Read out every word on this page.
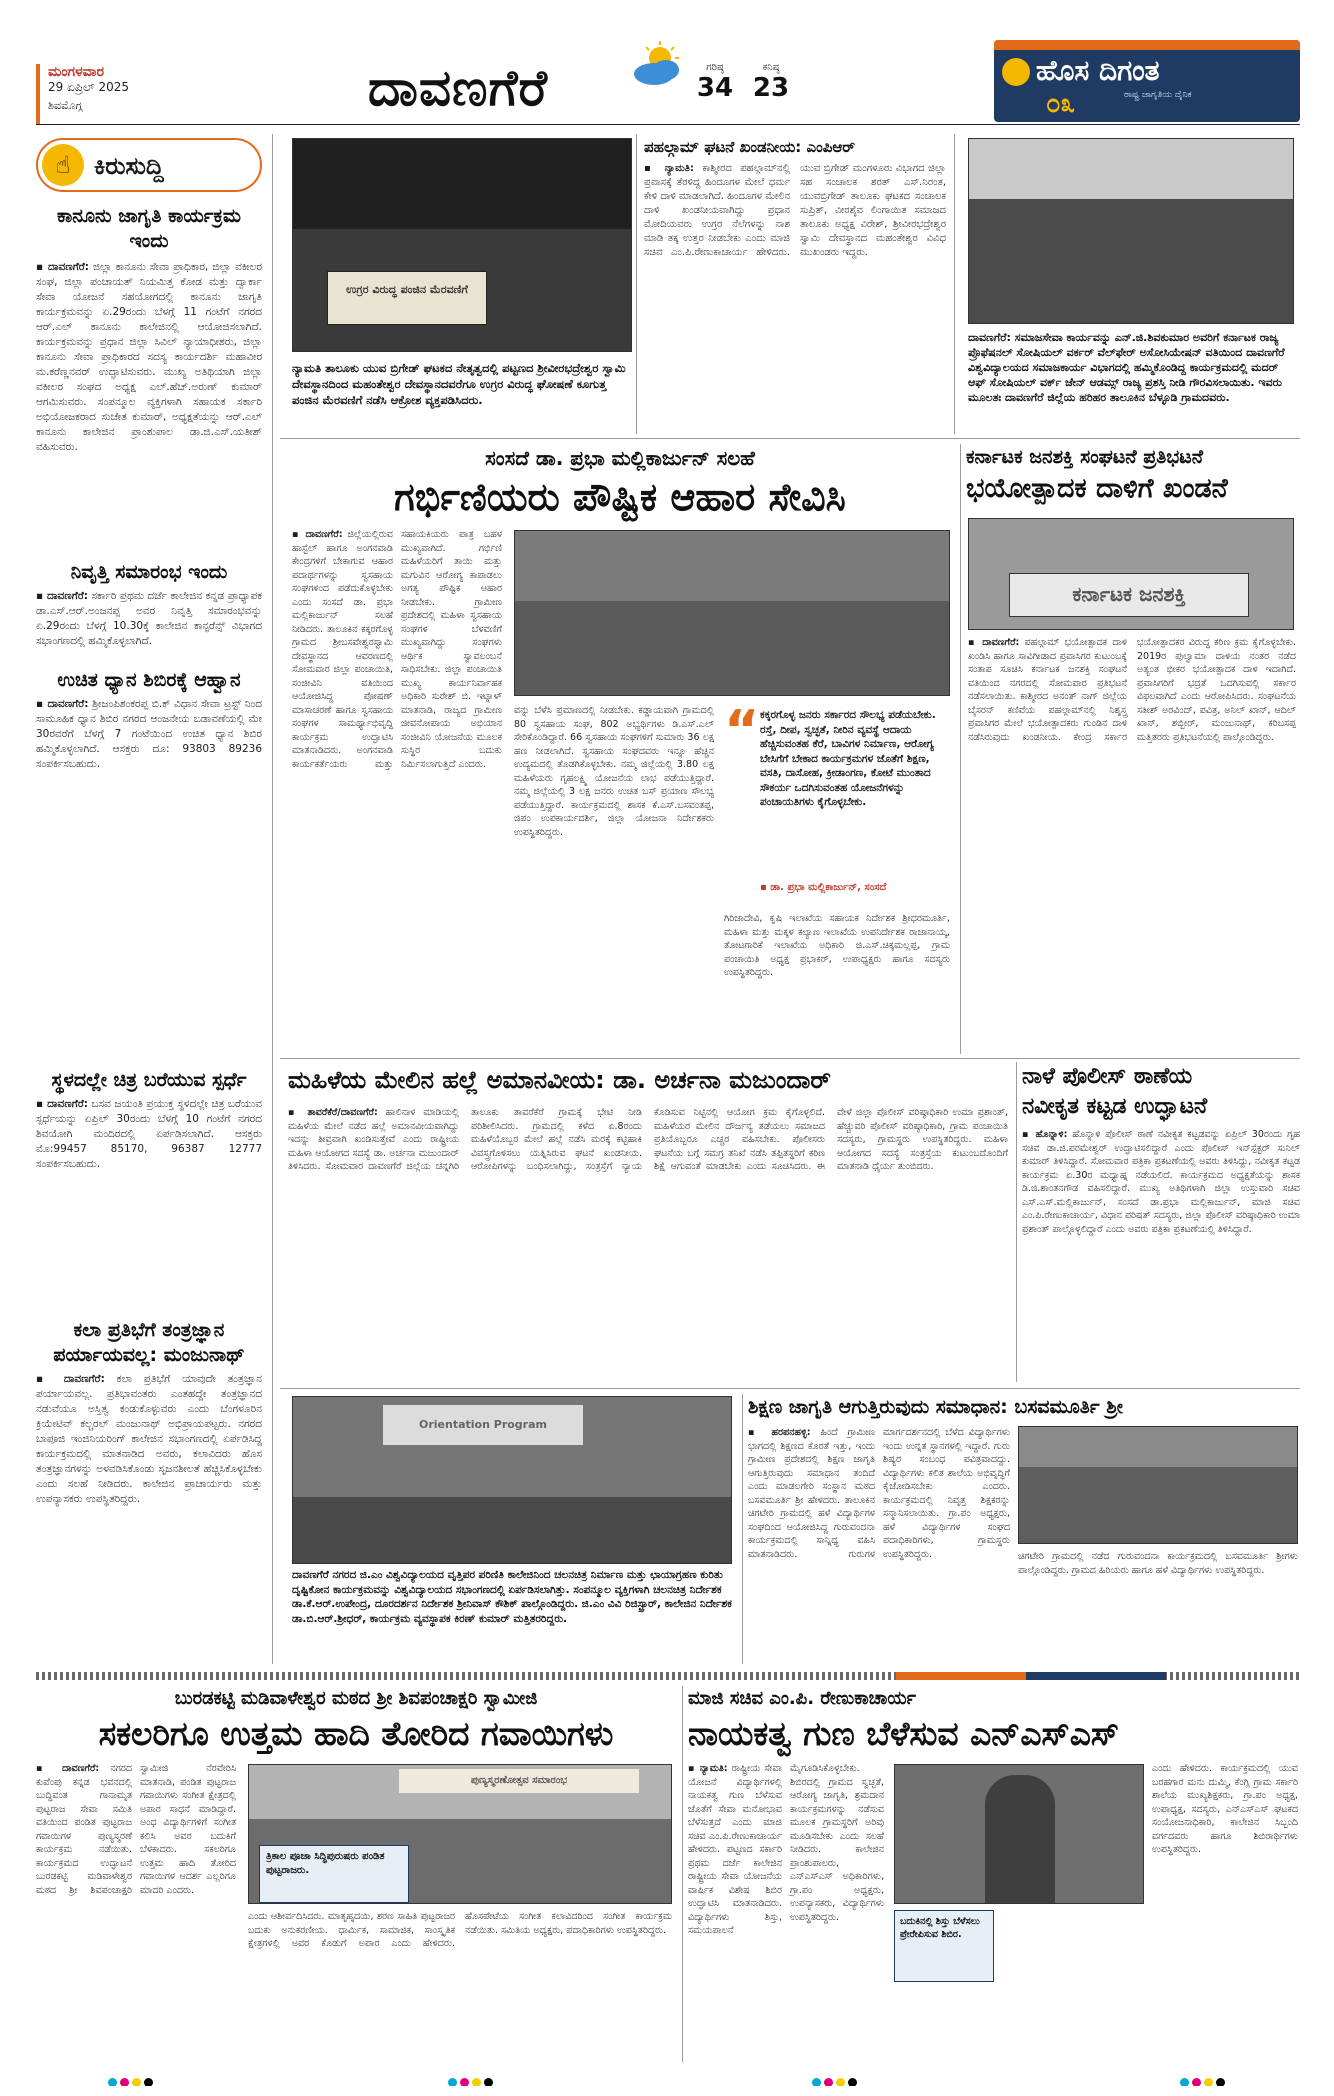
ಮಂಗಳವಾರ
29 ಏಪ್ರಿಲ್ 2025
ಶಿವಮೊಗ್ಗ	ದಾವಣಗೆರೆ	ಗರಿಷ್ಠ
34
ಕನಿಷ್ಠ
23
ಹೊಸ ದಿಗಂತ
ರಾಷ್ಟ್ರ ಜಾಗೃತಿಯ ದೈನಿಕ
೦೩
☝ ಕಿರುಸುದ್ದಿ
ಕಾನೂನು ಜಾಗೃತಿ ಕಾರ್ಯಕ್ರಮ ಇಂದು
▪ ದಾವಣಗೆರೆ: ಜಿಲ್ಲಾ ಕಾನೂನು ಸೇವಾ ಪ್ರಾಧಿಕಾರ, ಜಿಲ್ಲಾ ವಕೀಲರ ಸಂಘ, ಜಿಲ್ಲಾ ಪಂಚಾಯತ್ ನಿಯಮಿತ್ತ ಕೋಡ ಮತ್ತು ದ್ವಾರ್ಕಾ ಸೇವಾ ಯೋಜನೆ ಸಹಯೋಗದಲ್ಲಿ ಕಾನೂನು ಜಾಗೃತಿ ಕಾರ್ಯಕ್ರಮವನ್ನು ಏ.29ರಂದು ಬೆಳಗ್ಗೆ 11 ಗಂಟೆಗೆ ನಗರದ ಆರ್.ಎಲ್ ಕಾನೂನು ಕಾಲೇಜಿನಲ್ಲಿ ಆಯೋಜಿಸಲಾಗಿದೆ. ಕಾರ್ಯಕ್ರಮವನ್ನು ಪ್ರಧಾನ ಜಿಲ್ಲಾ ಸಿವಿಲ್ ನ್ಯಾಯಾಧೀಶರು, ಜಿಲ್ಲಾ ಕಾನೂನು ಸೇವಾ ಪ್ರಾಧಿಕಾರದ ಸದಸ್ಯ ಕಾರ್ಯದರ್ಶಿ ಮಹಾವೀರ ಮ.ಕರೆಣ್ಣನವರ್ ಉದ್ಘಾಟಿಸುವರು. ಮುಖ್ಯ ಅತಿಥಿಯಾಗಿ ಜಿಲ್ಲಾ ವಕೀಲರ ಸಂಘದ ಅಧ್ಯಕ್ಷ ಎಲ್.ಹೆಚ್.ಅರುಣ್ ಕುಮಾರ್ ಆಗಮಿಸುವರು. ಸಂಪನ್ಮೂಲ ವ್ಯಕ್ತಿಗಳಾಗಿ ಸಹಾಯಕ ಸರ್ಕಾರಿ ಅಭಿಯೋಜಕರಾದ ಸುಚೇತ ಕುಮಾರ್, ಅಧ್ಯಕ್ಷತೆಯನ್ನು ಆರ್.ಎಲ್ ಕಾನೂನು ಕಾಲೇಜಿನ ಪ್ರಾಂಶುಪಾಲ ಡಾ.ಜಿ.ಎಸ್.ಯತೀಶ್ ವಹಿಸುವರು.
ನಿವೃತ್ತಿ ಸಮಾರಂಭ ಇಂದು
▪ ದಾವಣಗೆರೆ: ಸರ್ಕಾರಿ ಪ್ರಥಮ ದರ್ಜೆ ಕಾಲೇಜಿನ ಕನ್ನಡ ಪ್ರಾಧ್ಯಾಪಕ ಡಾ.ಎಸ್.ಆರ್.ಅಂಜನಪ್ಪ ಅವರ ನಿವೃತ್ತಿ ಸಮಾರಂಭವನ್ನು ಏ.29ರಂದು ಬೆಳಗ್ಗೆ 10.30ಕ್ಕೆ ಕಾಲೇಜಿನ ಕಾನ್ಫರೆನ್ಸ್ ವಿಭಾಗದ ಸಭಾಂಗಣದಲ್ಲಿ ಹಮ್ಮಿಕೊಳ್ಳಲಾಗಿದೆ.
ಉಚಿತ ಧ್ಯಾನ ಶಿಬಿರಕ್ಕೆ ಆಹ್ವಾನ
▪ ದಾವಣಗೆರೆ: ಶ್ರೀಜಂಪಿಶಂಕರಪ್ಪ ಬಿ.ಕ್ ವಿಧಾನ ಸೇವಾ ಟ್ರಸ್ಟ್ ನಿಂದ ಸಾಮೂಹಿಕ ಧ್ಯಾನ ಶಿಬಿರ ನಗರದ ಆಂಜನೇಯ ಬಡಾವಣೆಯಲ್ಲಿ ಮೇ 30ರವರೆಗೆ ಬೆಳಗ್ಗೆ 7 ಗಂಟೆಯಿಂದ ಉಚಿತ ಧ್ಯಾನ ಶಿಬಿರ ಹಮ್ಮಿಕೊಳ್ಳಲಾಗಿದೆ. ಆಸಕ್ತರು ದೂ: 93803 89236 ಸಂಪರ್ಕಿಸಬಹುದು.
ಸ್ಥಳದಲ್ಲೇ ಚಿತ್ರ ಬರೆಯುವ ಸ್ಪರ್ಧೆ
▪ ದಾವಣಗೆರೆ: ಬಸವ ಜಯಂತಿ ಪ್ರಯುಕ್ತ ಸ್ಥಳದಲ್ಲೇ ಚಿತ್ರ ಬರೆಯುವ ಸ್ಪರ್ಧೆಯನ್ನು ಏಪ್ರಿಲ್ 30ರಂದು ಬೆಳಗ್ಗೆ 10 ಗಂಟೆಗೆ ನಗರದ ಶಿವಯೋಗಿ ಮಂದಿರದಲ್ಲಿ ಏರ್ಪಡಿಸಲಾಗಿದೆ. ಆಸಕ್ತರು ಮೊ:99457 85170, 96387 12777 ಸಂಪರ್ಕಿಸಬಹುದು.
ಕಲಾ ಪ್ರತಿಭೆಗೆ ತಂತ್ರಜ್ಞಾನ ಪರ್ಯಾಯವಲ್ಲ: ಮಂಜುನಾಥ್
▪ ದಾವಣಗೆರೆ: ಕಲಾ ಪ್ರತಿಭೆಗೆ ಯಾವುದೇ ತಂತ್ರಜ್ಞಾನ ಪರ್ಯಾಯವಲ್ಲ. ಪ್ರತಿಭಾವಂತರು ಎಂತಹದ್ದೇ ತಂತ್ರಜ್ಞಾನದ ನಡುವೆಯೂ ಅಸ್ತಿತ್ವ ಕಂಡುಕೊಳ್ಳುವರು ಎಂದು ಬೆಂಗಳೂರಿನ ಕ್ರಿಯೇಟಿವ್ ಕಲ್ಚರಲ್ ಮಂಜುನಾಥ್ ಅಭಿಪ್ರಾಯಪಟ್ಟರು. ನಗರದ ಬಾಪೂಜಿ ಇಂಜಿನಿಯರಿಂಗ್ ಕಾಲೇಜಿನ ಸಭಾಂಗಣದಲ್ಲಿ ಏರ್ಪಡಿಸಿದ್ದ ಕಾರ್ಯಕ್ರಮದಲ್ಲಿ ಮಾತನಾಡಿದ ಅವರು, ಕಲಾವಿದರು ಹೊಸ ತಂತ್ರಜ್ಞಾನಗಳನ್ನು ಅಳವಡಿಸಿಕೊಂಡು ಸೃಜನಶೀಲತೆ ಹೆಚ್ಚಿಸಿಕೊಳ್ಳಬೇಕು ಎಂದು ಸಲಹೆ ನೀಡಿದರು. ಕಾಲೇಜಿನ ಪ್ರಾಚಾರ್ಯರು ಮತ್ತು ಉಪನ್ಯಾಸಕರು ಉಪಸ್ಥಿತರಿದ್ದರು.
ಉಗ್ರರ ವಿರುದ್ಧ ಪಂಜಿನ ಮೆರವಣಿಗೆ
ನ್ಯಾಮತಿ ತಾಲೂಕು ಯುವ ಬ್ರಿಗೇಡ್ ಘಟಕದ ನೇತೃತ್ವದಲ್ಲಿ ಪಟ್ಟಣದ ಶ್ರೀವೀರಭದ್ರೇಶ್ವರ ಸ್ವಾಮಿ ದೇವಸ್ಥಾನದಿಂದ ಮಹಂತೇಶ್ವರ ದೇವಸ್ಥಾನದವರೆಗೂ ಉಗ್ರರ ವಿರುದ್ಧ ಘೋಷಣೆ ಕೂಗುತ್ತ ಪಂಜಿನ ಮೆರವಣಿಗೆ ನಡೆಸಿ ಆಕ್ರೋಶ ವ್ಯಕ್ತಪಡಿಸಿದರು.
ಪಹಲ್ಗಾಮ್ ಘಟನೆ ಖಂಡನೀಯ: ಎಂಪಿಆರ್
▪ ನ್ಯಾಮತಿ: ಕಾಶ್ಮೀರದ ಪಹಲ್ಗಾಮ್‌ನಲ್ಲಿ ಪ್ರವಾಸಕ್ಕೆ ತೆರಳಿದ್ದ ಹಿಂದೂಗಳ ಮೇಲೆ ಧರ್ಮ ಕೇಳಿ ದಾಳಿ ಮಾಡಲಾಗಿದೆ. ಹಿಂದೂಗಳ ಮೇಲಿನ ದಾಳಿ ಖಂಡನೀಯವಾಗಿದ್ದು ಪ್ರಧಾನ ಮೋದಿಯವರು ಉಗ್ರರ ನೆಲೆಗಳನ್ನು ನಾಶ ಮಾಡಿ ತಕ್ಕ ಉತ್ತರ ನೀಡಬೇಕು ಎಂದು ಮಾಜಿ ಸಚಿವ ಎಂ.ಪಿ.ರೇಣುಕಾಚಾರ್ಯ ಹೇಳಿದರು. ಯುವ ಬ್ರಿಗೇಡ್ ಮಂಗಳೂರು ವಿಭಾಗದ ಜಿಲ್ಲಾ ಸಹ ಸಂಚಾಲಕ ಶರತ್ ಎಸ್.ನಿರಂತ, ಯುವಬ್ರಿಗೇಡ್ ತಾಲೂಕು ಘಟಕದ ಸಂಚಾಲಕ ಸುಪ್ರಿತ್, ವೀರಶೈವ ಲಿಂಗಾಯಿತ ಸಮಾಜದ ತಾಲೂಕು ಅಧ್ಯಕ್ಷ ವಿರೇಶ್, ಶ್ರೀವೀರಭದ್ರೇಶ್ವರ ಸ್ವಾಮಿ ದೇವಸ್ಥಾನದ ಮಹಂತೇಶ್ವರ ವಿವಿಧ ಮುಖಂಡರು ಇದ್ದರು.
ದಾವಣಗೆರೆ: ಸಮಾಜಸೇವಾ ಕಾರ್ಯವನ್ನು ಎನ್.ಜಿ.ಶಿವಕುಮಾರ ಅವರಿಗೆ ಕರ್ನಾಟಕ ರಾಜ್ಯ ಪ್ರೊಫೆಷನಲ್ ಸೋಷಿಯಲ್ ವರ್ಕರ್ ವೆಲ್‌ಫೇರ್ ಅಸೋಸಿಯೇಷನ್ ವತಿಯಿಂದ ದಾವಣಗೆರೆ ವಿಶ್ವವಿದ್ಯಾಲಯದ ಸಮಾಜಕಾರ್ಯ ವಿಭಾಗದಲ್ಲಿ ಹಮ್ಮಿಕೊಂಡಿದ್ದ ಕಾರ್ಯಕ್ರಮದಲ್ಲಿ ಮದರ್ ಆಫ್ ಸೋಷಿಯಲ್ ವರ್ಕ್ ಜೇನ್ ಆಡಮ್ಸ್ ರಾಜ್ಯ ಪ್ರಶಸ್ತಿ ನೀಡಿ ಗೌರವಿಸಲಾಯಿತು. ಇವರು ಮೂಲತಃ ದಾವಣಗೆರೆ ಜಿಲ್ಲೆಯ ಹರಿಹರ ತಾಲೂಕಿನ ಬೆಳ್ಳೂಡಿ ಗ್ರಾಮದವರು.
ಸಂಸದೆ ಡಾ. ಪ್ರಭಾ ಮಲ್ಲಿಕಾರ್ಜುನ್ ಸಲಹೆ
ಗರ್ಭಿಣಿಯರು ಪೌಷ್ಟಿಕ ಆಹಾರ ಸೇವಿಸಿ
▪ ದಾವಣಗೆರೆ: ಜಿಲ್ಲೆಯಲ್ಲಿರುವ ಹಾಸ್ಟೆಲ್ ಹಾಗೂ ಅಂಗನವಾಡಿ ಕೇಂದ್ರಗಳಿಗೆ ಬೇಕಾಗುವ ಆಹಾರ ಪದಾರ್ಥಗಳನ್ನು ಸ್ವಸಹಾಯ ಸಂಘಗಳಿಂದ ಪಡೆದುಕೊಳ್ಳಬೇಕು ಎಂದು ಸಂಸದೆ ಡಾ. ಪ್ರಭಾ ಮಲ್ಲಿಕಾರ್ಜುನ್ ಸಲಹೆ ನೀಡಿದರು. ತಾಲೂಕಿನ ಕಕ್ಕರಗೊಳ್ಳ ಗ್ರಾಮದ ಶ್ರೀಬಸವೇಶ್ವರಸ್ವಾಮಿ ದೇವಸ್ಥಾನದ ಆವರಣದಲ್ಲಿ ಸೋಮವಾರ ಜಿಲ್ಲಾ ಪಂಚಾಯಿತಿ, ಸಂಜೀವಿನಿ ವತಿಯಿಂದ ಆಯೋಜಿಸಿದ್ದ ಪೋಷಣ್ ಮಾಸಾಚರಣೆ ಹಾಗೂ ಸ್ವಸಹಾಯ ಸಂಘಗಳ ಸಾಮರ್ಥ್ಯಾಭಿವೃದ್ಧಿ ಕಾರ್ಯಕ್ರಮ ಉದ್ಘಾಟಿಸಿ ಮಾತನಾಡಿದರು. ಅಂಗನವಾಡಿ ಕಾರ್ಯಕರ್ತೆಯರು ಮತ್ತು ಸಹಾಯಕಿಯರು ಪಾತ್ರ ಬಹಳ ಮುಖ್ಯವಾಗಿದೆ. ಗರ್ಭಿಣಿ ಮಹಿಳೆಯರಿಗೆ ತಾಯಿ ಮತ್ತು ಮಗುವಿನ ಆರೋಗ್ಯ ಕಾಪಾಡಲು ಅಗತ್ಯ ಪೌಷ್ಟಿಕ ಆಹಾರ ನೀಡಬೇಕು. ಗ್ರಾಮೀಣ ಪ್ರದೇಶದಲ್ಲಿ ಮಹಿಳಾ ಸ್ವಸಹಾಯ ಸಂಘಗಳ ಬೆಳವಣಿಗೆ ಮುಖ್ಯವಾಗಿದ್ದು ಸಂಘಗಳು ಆರ್ಥಿಕ ಸ್ವಾವಲಂಬನೆ ಸಾಧಿಸಬೇಕು. ಜಿಲ್ಲಾ ಪಂಚಾಯಿತಿ ಮುಖ್ಯ ಕಾರ್ಯನಿರ್ವಾಹಕ ಅಧಿಕಾರಿ ಸುರೇಶ್ ಬಿ. ಇಟ್ನಾಳ್ ಮಾತನಾಡಿ, ರಾಜ್ಯದ ಗ್ರಾಮೀಣ ಜೀವನೋಪಾಯ ಅಭಿಯಾನ ಸಂಜೀವಿನಿ ಯೋಜನೆಯ ಮೂಲಕ ಸುಸ್ಥಿರ ಬದುಕು ನಿರ್ಮಿಸಲಾಗುತ್ತಿದೆ ಎಂದರು.
ವನ್ನು ಬೆಳೆಸಿ ಪ್ರಮಾಣದಲ್ಲಿ ನೀಡಬೇಕು. ಕಡ್ಡಾಯವಾಗಿ ಗ್ರಾಮದಲ್ಲಿ 80 ಸ್ವಸಹಾಯ ಸಂಘ, 802 ಅಭ್ಯರ್ಥಿಗಳು ಡಿ.ಎಸ್.ಎಲ್ ಸೇರಿಕೊಂಡಿದ್ದಾರೆ. 66 ಸ್ವಸಹಾಯ ಸಂಘಗಳಿಗೆ ಸುಮಾರು 36 ಲಕ್ಷ ಹಣ ನೀಡಲಾಗಿದೆ. ಸ್ವಸಹಾಯ ಸಂಘದವರು ಇನ್ನೂ ಹೆಚ್ಚಿನ ಉದ್ಯಮದಲ್ಲಿ ತೊಡಗಿಕೊಳ್ಳಬೇಕು. ನಮ್ಮ ಜಿಲ್ಲೆಯಲ್ಲಿ 3.80 ಲಕ್ಷ ಮಹಿಳೆಯರು ಗೃಹಲಕ್ಷ್ಮಿ ಯೋಜನೆಯ ಲಾಭ ಪಡೆಯುತ್ತಿದ್ದಾರೆ. ನಮ್ಮ ಜಿಲ್ಲೆಯಲ್ಲಿ 3 ಲಕ್ಷ ಜನರು ಉಚಿತ ಬಸ್ ಪ್ರಯಾಣ ಸೌಲಭ್ಯ ಪಡೆಯುತ್ತಿದ್ದಾರೆ. ಕಾರ್ಯಕ್ರಮದಲ್ಲಿ ಶಾಸಕ ಕೆ.ಎಸ್.ಬಸವಂತಪ್ಪ, ಜಿಪಂ ಉಪಕಾರ್ಯದರ್ಶಿ, ಜಿಲ್ಲಾ ಯೋಜನಾ ನಿರ್ದೇಶಕರು ಉಪಸ್ಥಿತರಿದ್ದರು.
“ ಕಕ್ಕರಗೊಳ್ಳ ಜನರು ಸರ್ಕಾರದ ಸೌಲಭ್ಯ ಪಡೆಯಬೇಕು. ರಸ್ತೆ, ದೀಪ, ಸ್ವಚ್ಛತೆ, ನೀರಿನ ವ್ಯವಸ್ಥೆ ಆದಾಯ ಹೆಚ್ಚಿಸುವಂತಹ ಕೆರೆ, ಬಾವಿಗಳ ನಿರ್ಮಾಣ, ಆರೋಗ್ಯ ಬೇಸಿಗೆಗೆ ಬೇಕಾದ ಕಾರ್ಯಕ್ರಮಗಳ ಜೊತೆಗೆ ಶಿಕ್ಷಣ, ವಸತಿ, ದಾಸೋಹ, ಕ್ರೀಡಾಂಗಣ, ಕೋಟೆ ಮುಂತಾದ ಸೌಕರ್ಯ ಒದಗಿಸುವಂತಹ ಯೋಜನೆಗಳನ್ನು ಪಂಚಾಯತಿಗಳು ಕೈಗೊಳ್ಳಬೇಕು.
▪ ಡಾ. ಪ್ರಭಾ ಮಲ್ಲಿಕಾರ್ಜುನ್, ಸಂಸದೆ
ಗಿರಿಜಾದೇವಿ, ಕೃಷಿ ಇಲಾಖೆಯ ಸಹಾಯಕ ನಿರ್ದೇಶಕ ಶ್ರೀಧರಮೂರ್ತಿ, ಮಹಿಳಾ ಮತ್ತು ಮಕ್ಕಳ ಕಲ್ಯಾಣ ಇಲಾಖೆಯ ಉಪನಿರ್ದೇಶಕ ರಾಜಾನಾಯ್ಕ, ತೋಟಗಾರಿಕೆ ಇಲಾಖೆಯ ಅಧಿಕಾರಿ ಜಿ.ಎಸ್.ಚಿಕ್ಕಮಲ್ಲಪ್ಪ, ಗ್ರಾಮ ಪಂಚಾಯಿತಿ ಅಧ್ಯಕ್ಷ ಪ್ರಭಾಕರ್, ಉಪಾಧ್ಯಕ್ಷರು ಹಾಗೂ ಸದಸ್ಯರು ಉಪಸ್ಥಿತರಿದ್ದರು.
ಕರ್ನಾಟಕ ಜನಶಕ್ತಿ ಸಂಘಟನೆ ಪ್ರತಿಭಟನೆ
ಭಯೋತ್ಪಾದಕ ದಾಳಿಗೆ ಖಂಡನೆ
ಕರ್ನಾಟಕ ಜನಶಕ್ತಿ
▪ ದಾವಣಗೆರೆ: ಪಹಲ್ಗಾಮ್ ಭಯೋತ್ಪಾದಕ ದಾಳಿ ಖಂಡಿಸಿ ಹಾಗೂ ಸಾವಿಗೀಡಾದ ಪ್ರವಾಸಿಗರ ಕುಟುಂಬಕ್ಕೆ ಸಂತಾಪ ಸೂಚಿಸಿ ಕರ್ನಾಟಕ ಜನಶಕ್ತಿ ಸಂಘಟನೆ ವತಿಯಿಂದ ನಗರದಲ್ಲಿ ಸೋಮವಾರ ಪ್ರತಿಭಟನೆ ನಡೆಸಲಾಯಿತು. ಕಾಶ್ಮೀರದ ಅನಂತ್ ನಾಗ್ ಜಿಲ್ಲೆಯ ಬೈಸರನ್ ಕಣಿವೆಯ ಪಹಲ್ಗಾಮ್‌ನಲ್ಲಿ ನಿಶ್ಶಸ್ತ್ರ ಪ್ರವಾಸಿಗರ ಮೇಲೆ ಭಯೋತ್ಪಾದಕರು ಗುಂಡಿನ ದಾಳಿ ನಡೆಸಿರುವುದು ಖಂಡನೀಯ. ಕೇಂದ್ರ ಸರ್ಕಾರ ಭಯೋತ್ಪಾದಕರ ವಿರುದ್ಧ ಕಠಿಣ ಕ್ರಮ ಕೈಗೊಳ್ಳಬೇಕು. 2019ರ ಪುಲ್ವಾಮಾ ದಾಳಿಯ ನಂತರ ನಡೆದ ಅತ್ಯಂತ ಭೀಕರ ಭಯೋತ್ಪಾದಕ ದಾಳಿ ಇದಾಗಿದೆ. ಪ್ರವಾಸಿಗರಿಗೆ ಭದ್ರತೆ ಒದಗಿಸುವಲ್ಲಿ ಸರ್ಕಾರ ವಿಫಲವಾಗಿದೆ ಎಂದು ಆರೋಪಿಸಿದರು. ಸಂಘಟನೆಯ ಸತೀಶ್ ಅರವಿಂದ್, ಪವಿತ್ರ, ಅನಿಲ್ ಖಾನ್, ಆದಿಲ್ ಖಾನ್, ಶಬ್ಬೀರ್, ಮಂಜುನಾಥ್, ಕರಿಬಸಪ್ಪ ಮತ್ತಿತರರು ಪ್ರತಿಭಟನೆಯಲ್ಲಿ ಪಾಲ್ಗೊಂಡಿದ್ದರು.
ಮಹಿಳೆಯ ಮೇಲಿನ ಹಲ್ಲೆ ಅಮಾನವೀಯ: ಡಾ. ಅರ್ಚನಾ ಮಜುಂದಾರ್
▪ ತಾವರೆಕೆರೆ/ದಾವಣಗೆರೆ: ಹಾಲಿನಾಳ ಮಾಡಿಯಲ್ಲಿ ಮಹಿಳೆಯ ಮೇಲೆ ನಡೆದ ಹಲ್ಲೆ ಅಮಾನವೀಯವಾಗಿದ್ದು ಇದನ್ನು ತೀವ್ರವಾಗಿ ಖಂಡಿಸುತ್ತೇವೆ ಎಂದು ರಾಷ್ಟ್ರೀಯ ಮಹಿಳಾ ಆಯೋಗದ ಸದಸ್ಯೆ ಡಾ. ಅರ್ಚನಾ ಮಜುಂದಾರ್ ತಿಳಿಸಿದರು. ಸೋಮವಾರ ದಾವಣಗೆರೆ ಜಿಲ್ಲೆಯ ಚನ್ನಗಿರಿ ತಾಲೂಕು ತಾವರೆಕೆರೆ ಗ್ರಾಮಕ್ಕೆ ಭೇಟಿ ನೀಡಿ ಪರಿಶೀಲಿಸಿದರು. ಗ್ರಾಮದಲ್ಲಿ ಕಳೆದ ಏ.8ರಂದು ಮಹಿಳೆಯೊಬ್ಬರ ಮೇಲೆ ಹಲ್ಲೆ ನಡೆಸಿ ಮರಕ್ಕೆ ಕಟ್ಟಿಹಾಕಿ ವಿವಸ್ತ್ರಗೊಳಿಸಲು ಯತ್ನಿಸಿರುವ ಘಟನೆ ಖಂಡನೀಯ. ಆರೋಪಿಗಳನ್ನು ಬಂಧಿಸಲಾಗಿದ್ದು, ಸಂತ್ರಸ್ತೆಗೆ ನ್ಯಾಯ ಕೊಡಿಸುವ ನಿಟ್ಟಿನಲ್ಲಿ ಆಯೋಗ ಕ್ರಮ ಕೈಗೊಳ್ಳಲಿದೆ. ಮಹಿಳೆಯರ ಮೇಲಿನ ದೌರ್ಜನ್ಯ ತಡೆಯಲು ಸಮಾಜದ ಪ್ರತಿಯೊಬ್ಬರೂ ಎಚ್ಚರ ವಹಿಸಬೇಕು. ಪೊಲೀಸರು ಘಟನೆಯ ಬಗ್ಗೆ ಸಮಗ್ರ ತನಿಖೆ ನಡೆಸಿ ತಪ್ಪಿತಸ್ಥರಿಗೆ ಕಠಿಣ ಶಿಕ್ಷೆ ಆಗುವಂತೆ ಮಾಡಬೇಕು ಎಂದು ಸೂಚಿಸಿದರು. ಈ ವೇಳೆ ಜಿಲ್ಲಾ ಪೊಲೀಸ್ ವರಿಷ್ಠಾಧಿಕಾರಿ ಉಮಾ ಪ್ರಶಾಂತ್, ಹೆಚ್ಚುವರಿ ಪೊಲೀಸ್ ವರಿಷ್ಠಾಧಿಕಾರಿ, ಗ್ರಾಮ ಪಂಚಾಯಿತಿ ಸದಸ್ಯರು, ಗ್ರಾಮಸ್ಥರು ಉಪಸ್ಥಿತರಿದ್ದರು. ಮಹಿಳಾ ಆಯೋಗದ ಸದಸ್ಯೆ ಸಂತ್ರಸ್ತೆಯ ಕುಟುಂಬದೊಂದಿಗೆ ಮಾತನಾಡಿ ಧೈರ್ಯ ತುಂಬಿದರು.
ನಾಳೆ ಪೊಲೀಸ್ ಠಾಣೆಯ
ನವೀಕೃತ ಕಟ್ಟಡ ಉದ್ಘಾಟನೆ
▪ ಹೊನ್ನಾಳಿ: ಹೊನ್ನಾಳಿ ಪೊಲೀಸ್ ಠಾಣೆ ನವೀಕೃತ ಕಟ್ಟಡವನ್ನು ಏಪ್ರಿಲ್ 30ರಂದು ಗೃಹ ಸಚಿವ ಡಾ.ಜಿ.ಪರಮೇಶ್ವರ್ ಉದ್ಘಾಟಿಸಲಿದ್ದಾರೆ ಎಂದು ಪೊಲೀಸ್ ಇನ್‌ಸ್ಪೆಕ್ಟರ್ ಸುನಿಲ್ ಕುಮಾರ್ ತಿಳಿಸಿದ್ದಾರೆ. ಸೋಮವಾರ ಪತ್ರಿಕಾ ಪ್ರಕಟಣೆಯಲ್ಲಿ ಅವರು ತಿಳಿಸಿದ್ದು, ನವೀಕೃತ ಕಟ್ಟಡ ಕಾರ್ಯಕ್ರಮ ಏ.30ರ ಮಧ್ಯಾಹ್ನ ನಡೆಯಲಿದೆ. ಕಾರ್ಯಕ್ರಮದ ಅಧ್ಯಕ್ಷತೆಯನ್ನು ಶಾಸಕ ಡಿ.ಜಿ.ಶಾಂತನಗೌಡ ವಹಿಸಲಿದ್ದಾರೆ. ಮುಖ್ಯ ಅತಿಥಿಗಳಾಗಿ ಜಿಲ್ಲಾ ಉಸ್ತುವಾರಿ ಸಚಿವ ಎಸ್.ಎಸ್.ಮಲ್ಲಿಕಾರ್ಜುನ್, ಸಂಸದೆ ಡಾ.ಪ್ರಭಾ ಮಲ್ಲಿಕಾರ್ಜುನ್, ಮಾಜಿ ಸಚಿವ ಎಂ.ಪಿ.ರೇಣುಕಾಚಾರ್ಯ, ವಿಧಾನ ಪರಿಷತ್ ಸದಸ್ಯರು, ಜಿಲ್ಲಾ ಪೊಲೀಸ್ ವರಿಷ್ಠಾಧಿಕಾರಿ ಉಮಾ ಪ್ರಶಾಂತ್ ಪಾಲ್ಗೊಳ್ಳಲಿದ್ದಾರೆ ಎಂದು ಅವರು ಪತ್ರಿಕಾ ಪ್ರಕಟಣೆಯಲ್ಲಿ ತಿಳಿಸಿದ್ದಾರೆ.
Orientation Program
ದಾವಣಗೆರೆ ನಗರದ ಜಿ.ಎಂ ವಿಶ್ವವಿದ್ಯಾಲಯದ ವೃತ್ತಿಪರ ಪರಿಣಿತಿ ಕಾಲೇಜಿನಿಂದ ಚಲನಚಿತ್ರ ನಿರ್ಮಾಣ ಮತ್ತು ಛಾಯಾಗ್ರಹಣ ಕುರಿತು ದೃಷ್ಟಿಕೋನ ಕಾರ್ಯಕ್ರಮವನ್ನು ವಿಶ್ವವಿದ್ಯಾಲಯದ ಸಭಾಂಗಣದಲ್ಲಿ ಏರ್ಪಡಿಸಲಾಗಿತ್ತು. ಸಂಪನ್ಮೂಲ ವ್ಯಕ್ತಿಗಳಾಗಿ ಚಲನಚಿತ್ರ ನಿರ್ದೇಶಕ ಡಾ.ಕೆ.ಆರ್.ಉಪೇಂದ್ರ, ದೂರದರ್ಶನ ನಿರ್ದೇಶಕ ಶ್ರೀನಿವಾಸ್ ಕೌಶಿಕ್ ಪಾಲ್ಗೊಂಡಿದ್ದರು. ಜಿ.ಎಂ ವಿವಿ ರಿಜಿಸ್ಟ್ರಾರ್, ಕಾಲೇಜಿನ ನಿರ್ದೇಶಕ ಡಾ.ಬಿ.ಆರ್.ಶ್ರೀಧರ್, ಕಾರ್ಯಕ್ರಮ ವ್ಯವಸ್ಥಾಪಕ ಕಿರಣ್ ಕುಮಾರ್ ಮತ್ತಿತರರಿದ್ದರು.
ಶಿಕ್ಷಣ ಜಾಗೃತಿ ಆಗುತ್ತಿರುವುದು ಸಮಾಧಾನ: ಬಸವಮೂರ್ತಿ ಶ್ರೀ
▪ ಹರಪನಹಳ್ಳಿ: ಹಿಂದೆ ಗ್ರಾಮೀಣ ಭಾಗದಲ್ಲಿ ಶಿಕ್ಷಣದ ಕೊರತೆ ಇತ್ತು, ಇಂದು ಗ್ರಾಮೀಣ ಪ್ರದೇಶದಲ್ಲಿ ಶಿಕ್ಷಣ ಜಾಗೃತಿ ಆಗುತ್ತಿರುವುದು ಸಮಾಧಾನ ತಂದಿದೆ ಎಂದು ಮಾಡಲಗೇರಿ ಸಂಸ್ಥಾನ ಮಠದ ಬಸವಮೂರ್ತಿ ಶ್ರೀ ಹೇಳಿದರು. ತಾಲೂಕಿನ ಚಿಗಟೇರಿ ಗ್ರಾಮದಲ್ಲಿ ಹಳೆ ವಿದ್ಯಾರ್ಥಿಗಳ ಸಂಘದಿಂದ ಆಯೋಜಿಸಿದ್ದ ಗುರುವಂದನಾ ಕಾರ್ಯಕ್ರಮದಲ್ಲಿ ಸಾನ್ನಿಧ್ಯ ವಹಿಸಿ ಮಾತನಾಡಿದರು. ಗುರುಗಳ ಮಾರ್ಗದರ್ಶನದಲ್ಲಿ ಬೆಳೆದ ವಿದ್ಯಾರ್ಥಿಗಳು ಇಂದು ಉನ್ನತ ಸ್ಥಾನಗಳಲ್ಲಿ ಇದ್ದಾರೆ. ಗುರು ಶಿಷ್ಯರ ಸಂಬಂಧ ಪವಿತ್ರವಾದದ್ದು. ವಿದ್ಯಾರ್ಥಿಗಳು ಕಲಿತ ಶಾಲೆಯ ಅಭಿವೃದ್ಧಿಗೆ ಕೈಜೋಡಿಸಬೇಕು ಎಂದರು. ಕಾರ್ಯಕ್ರಮದಲ್ಲಿ ನಿವೃತ್ತ ಶಿಕ್ಷಕರನ್ನು ಸನ್ಮಾನಿಸಲಾಯಿತು. ಗ್ರಾ.ಪಂ ಅಧ್ಯಕ್ಷರು, ಹಳೆ ವಿದ್ಯಾರ್ಥಿಗಳ ಸಂಘದ ಪದಾಧಿಕಾರಿಗಳು, ಗ್ರಾಮಸ್ಥರು ಉಪಸ್ಥಿತರಿದ್ದರು.	ಚಿಗಟೇರಿ ಗ್ರಾಮದಲ್ಲಿ ನಡೆದ ಗುರುವಂದನಾ ಕಾರ್ಯಕ್ರಮದಲ್ಲಿ ಬಸವಮೂರ್ತಿ ಶ್ರೀಗಳು ಪಾಲ್ಗೊಂಡಿದ್ದರು. ಗ್ರಾಮದ ಹಿರಿಯರು ಹಾಗೂ ಹಳೆ ವಿದ್ಯಾರ್ಥಿಗಳು ಉಪಸ್ಥಿತರಿದ್ದರು.
ಬುರಡಕಟ್ಟಿ ಮಡಿವಾಳೇಶ್ವರ ಮಠದ ಶ್ರೀ ಶಿವಪಂಚಾಕ್ಷರಿ ಸ್ವಾಮೀಜಿ
ಸಕಲರಿಗೂ ಉತ್ತಮ ಹಾದಿ ತೋರಿದ ಗವಾಯಿಗಳು
▪ ದಾವಣಗೆರೆ: ನಗರದ ಕುವೆಂಪು ಕನ್ನಡ ಭವನದಲ್ಲಿ ಬುದ್ಧಿವಂತ ಗಾನಾಮೃತ ಪುಟ್ಟರಾಜ ಸೇವಾ ಸಮಿತಿ ವತಿಯಿಂದ ಪಂಡಿತ ಪುಟ್ಟರಾಜ ಗವಾಯಿಗಳ ಪುಣ್ಯಸ್ಮರಣೆ ಕಾರ್ಯಕ್ರಮ ನಡೆಯಿತು. ಕಾರ್ಯಕ್ರಮದ ಉದ್ಘಾಟನೆ ಬುರಡಕಟ್ಟಿ ಮಡಿವಾಳೇಶ್ವರ ಮಠದ ಶ್ರೀ ಶಿವಪಂಚಾಕ್ಷರಿ ಸ್ವಾಮೀಜಿ ನೆರವೇರಿಸಿ ಮಾತನಾಡಿ, ಪಂಡಿತ ಪುಟ್ಟರಾಜ ಗವಾಯಿಗಳು ಸಂಗೀತ ಕ್ಷೇತ್ರದಲ್ಲಿ ಅಪಾರ ಸಾಧನೆ ಮಾಡಿದ್ದಾರೆ. ಅಂಧ ವಿದ್ಯಾರ್ಥಿಗಳಿಗೆ ಸಂಗೀತ ಕಲಿಸಿ ಅವರ ಬದುಕಿಗೆ ಬೆಳಕಾದರು. ಸಕಲರಿಗೂ ಉತ್ತಮ ಹಾದಿ ತೋರಿದ ಗವಾಯಿಗಳ ಆದರ್ಶ ಎಲ್ಲರಿಗೂ ಮಾದರಿ ಎಂದರು.
ಪುಣ್ಯಸ್ಮರಣೋತ್ಸವ ಸಮಾರಂಭ
ತ್ರಿಕಾಲ ಪೂಜಾ ಸಿದ್ಧಿಪುರುಷರು ಪಂಡಿತ ಪುಟ್ಟರಾಜರು.
ಎಂದು ಆಶೀರ್ವದಿಸಿದರು. ಮಾತೃಹೃದಯಿ, ಶರಣ ಸಾಹಿತಿ ಪುಟ್ಟರಾಜರ ಬದುಕು ಅನುಕರಣೀಯ. ಧಾರ್ಮಿಕ, ಸಾಮಾಜಿಕ, ಸಾಂಸ್ಕೃತಿಕ ಕ್ಷೇತ್ರಗಳಲ್ಲಿ ಅವರ ಕೊಡುಗೆ ಅಪಾರ ಎಂದು ಹೇಳಿದರು. ಹೊಸಪೇಟೆಯ ಸಂಗೀತ ಕಲಾವಿದರಿಂದ ಸಂಗೀತ ಕಾರ್ಯಕ್ರಮ ನಡೆಯಿತು. ಸಮಿತಿಯ ಅಧ್ಯಕ್ಷರು, ಪದಾಧಿಕಾರಿಗಳು ಉಪಸ್ಥಿತರಿದ್ದರು.
ಮಾಜಿ ಸಚಿವ ಎಂ.ಪಿ. ರೇಣುಕಾಚಾರ್ಯ
ನಾಯಕತ್ವ ಗುಣ ಬೆಳೆಸುವ ಎನ್‌ಎಸ್‌ಎಸ್
▪ ನ್ಯಾಮತಿ: ರಾಷ್ಟ್ರೀಯ ಸೇವಾ ಯೋಜನೆ ವಿದ್ಯಾರ್ಥಿಗಳಲ್ಲಿ ನಾಯಕತ್ವ ಗುಣ ಬೆಳೆಸುವ ಜೊತೆಗೆ ಸೇವಾ ಮನೋಭಾವ ಬೆಳೆಸುತ್ತದೆ ಎಂದು ಮಾಜಿ ಸಚಿವ ಎಂ.ಪಿ.ರೇಣುಕಾಚಾರ್ಯ ಹೇಳಿದರು. ಪಟ್ಟಣದ ಸರ್ಕಾರಿ ಪ್ರಥಮ ದರ್ಜೆ ಕಾಲೇಜಿನ ರಾಷ್ಟ್ರೀಯ ಸೇವಾ ಯೋಜನೆಯ ವಾರ್ಷಿಕ ವಿಶೇಷ ಶಿಬಿರ ಉದ್ಘಾಟಿಸಿ ಮಾತನಾಡಿದರು. ವಿದ್ಯಾರ್ಥಿಗಳು ಶಿಸ್ತು, ಸಮಯಪಾಲನೆ ಮೈಗೂಡಿಸಿಕೊಳ್ಳಬೇಕು. ಶಿಬಿರದಲ್ಲಿ ಗ್ರಾಮದ ಸ್ವಚ್ಛತೆ, ಆರೋಗ್ಯ ಜಾಗೃತಿ, ಶ್ರಮದಾನ ಕಾರ್ಯಕ್ರಮಗಳನ್ನು ನಡೆಸುವ ಮೂಲಕ ಗ್ರಾಮಸ್ಥರಿಗೆ ಅರಿವು ಮೂಡಿಸಬೇಕು ಎಂದು ಸಲಹೆ ನೀಡಿದರು. ಕಾಲೇಜಿನ ಪ್ರಾಂಶುಪಾಲರು, ಎನ್‌ಎಸ್‌ಎಸ್ ಅಧಿಕಾರಿಗಳು, ಗ್ರಾ.ಪಂ ಅಧ್ಯಕ್ಷರು, ಉಪನ್ಯಾಸಕರು, ವಿದ್ಯಾರ್ಥಿಗಳು ಉಪಸ್ಥಿತರಿದ್ದರು.	ಬದುಕಿನಲ್ಲಿ ಶಿಸ್ತು ಬೆಳೆಸಲು ಪ್ರೇರೇಪಿಸುವ ಶಿಬಿರ.
ಎಂದು ಹೇಳಿದರು. ಕಾರ್ಯಕ್ರಮದಲ್ಲಿ ಯುವ ಬರಹಗಾರ ಮನು ದುಮ್ಮಿ, ಕೆಂಗ್ಲಿ ಗ್ರಾಮ ಸರ್ಕಾರಿ ಶಾಲೆಯ ಮುಖ್ಯಶಿಕ್ಷಕರು, ಗ್ರಾ.ಪಂ ಅಧ್ಯಕ್ಷ, ಉಪಾಧ್ಯಕ್ಷ, ಸದಸ್ಯರು, ಎನ್‌ಎಸ್‌ಎಸ್ ಘಟಕದ ಸಂಯೋಜನಾಧಿಕಾರಿ, ಕಾಲೇಜಿನ ಸಿಬ್ಬಂದಿ ವರ್ಗದವರು ಹಾಗೂ ಶಿಬಿರಾರ್ಥಿಗಳು ಉಪಸ್ಥಿತರಿದ್ದರು.
